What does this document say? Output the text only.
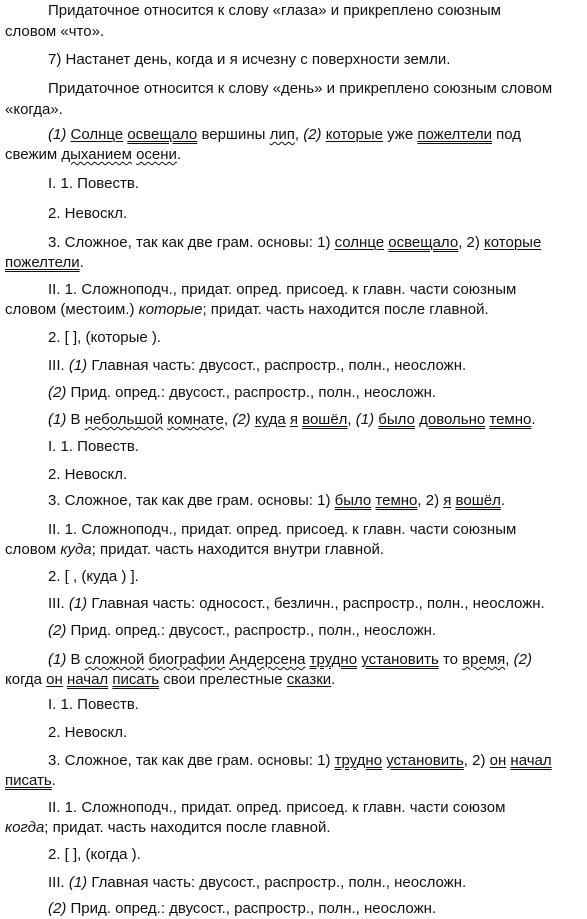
Придаточное относится к слову «глаза» и прикреплено союзным
словом «что».
7) Настанет день, когда и я исчезну с поверхности земли.
Придаточное относится к слову «день» и прикреплено союзным словом
«когда».
(1) Солнце освещало вершины лип, (2) которые уже пожелтели под
свежим дыханием осени.
I. 1. Повеств.
2. Невоскл.
3. Сложное, так как две грам. основы: 1) солнце освещало, 2) которые
пожелтели.
II. 1. Сложноподч., придат. опред. присоед. к главн. части союзным
словом (местоим.) которые; придат. часть находится после главной.
2. [ ], (которые ).
III. (1) Главная часть: двусост., распростр., полн., неосложн.
(2) Прид. опред.: двусост., распростр., полн., неосложн.
(1) В небольшой комнате, (2) куда я вошёл, (1) было довольно темно.
I. 1. Повеств.
2. Невоскл.
3. Сложное, так как две грам. основы: 1) было темно, 2) я вошёл.
II. 1. Сложноподч., придат. опред. присоед. к главн. части союзным
словом куда; придат. часть находится внутри главной.
2. [ , (куда ) ].
III. (1) Главная часть: односост., безличн., распростр., полн., неосложн.
(2) Прид. опред.: двусост., распростр., полн., неосложн.
(1) В сложной биографии Андерсена трудно установить то время, (2)
когда он начал писать свои прелестные сказки.
I. 1. Повеств.
2. Невоскл.
3. Сложное, так как две грам. основы: 1) трудно установить, 2) он начал
писать.
II. 1. Сложноподч., придат. опред. присоед. к главн. части союзом
когда; придат. часть находится после главной.
2. [ ], (когда ).
III. (1) Главная часть: двусост., распростр., полн., неосложн.
(2) Прид. опред.: двусост., распростр., полн., неосложн.
